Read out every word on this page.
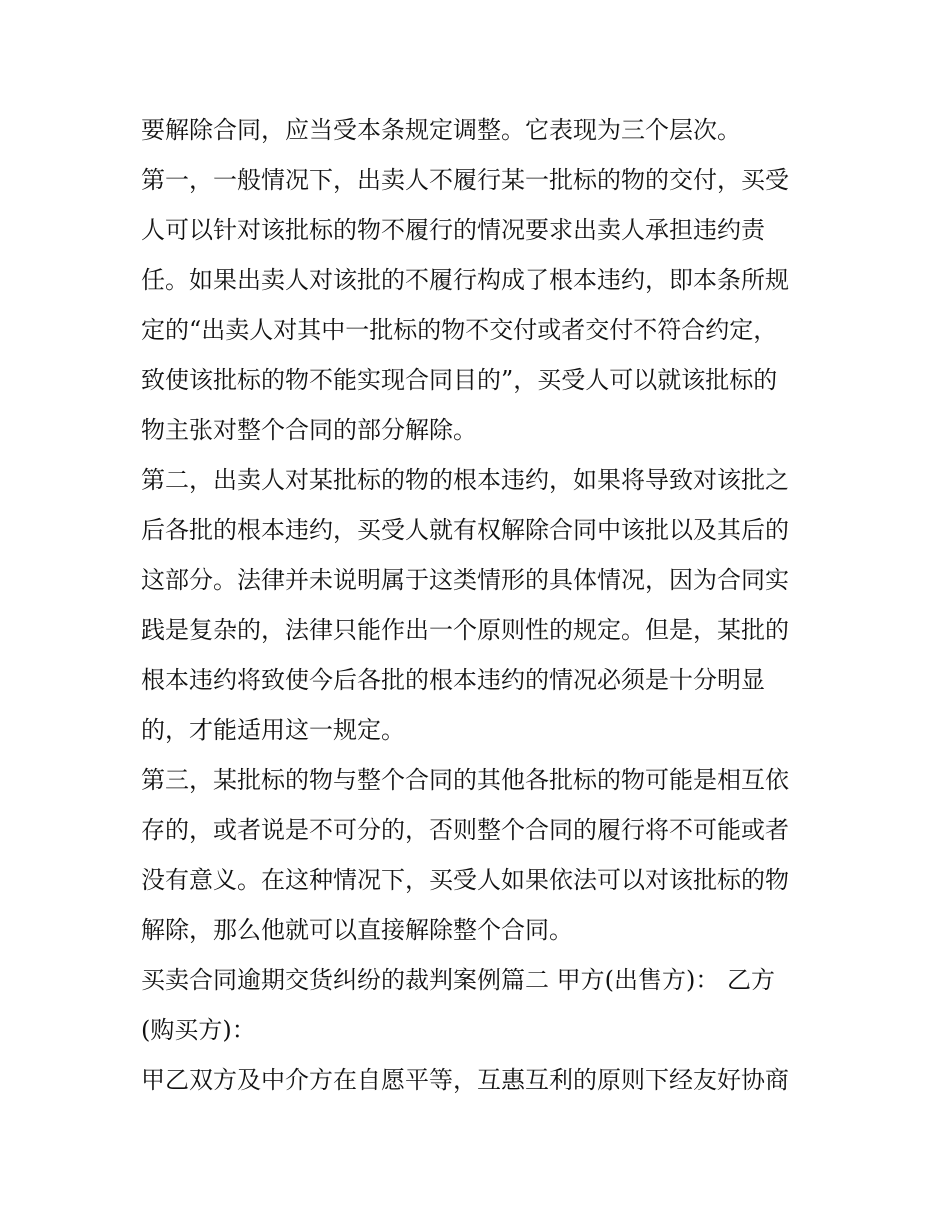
要解除合同，应当受本条规定调整。它表现为三个层次。
第一，一般情况下，出卖人不履行某一批标的物的交付，买受
人可以针对该批标的物不履行的情况要求出卖人承担违约责
任。如果出卖人对该批的不履行构成了根本违约，即本条所规
定的“出卖人对其中一批标的物不交付或者交付不符合约定，
致使该批标的物不能实现合同目的”，买受人可以就该批标的
物主张对整个合同的部分解除。
第二，出卖人对某批标的物的根本违约，如果将导致对该批之
后各批的根本违约，买受人就有权解除合同中该批以及其后的
这部分。法律并未说明属于这类情形的具体情况，因为合同实
践是复杂的，法律只能作出一个原则性的规定。但是，某批的
根本违约将致使今后各批的根本违约的情况必须是十分明显
的，才能适用这一规定。
第三，某批标的物与整个合同的其他各批标的物可能是相互依
存的，或者说是不可分的，否则整个合同的履行将不可能或者
没有意义。在这种情况下，买受人如果依法可以对该批标的物
解除，那么他就可以直接解除整个合同。
买卖合同逾期交货纠纷的裁判案例篇二 甲方(出售方)： 乙方
(购买方)：
甲乙双方及中介方在自愿平等，互惠互利的原则下经友好协商
